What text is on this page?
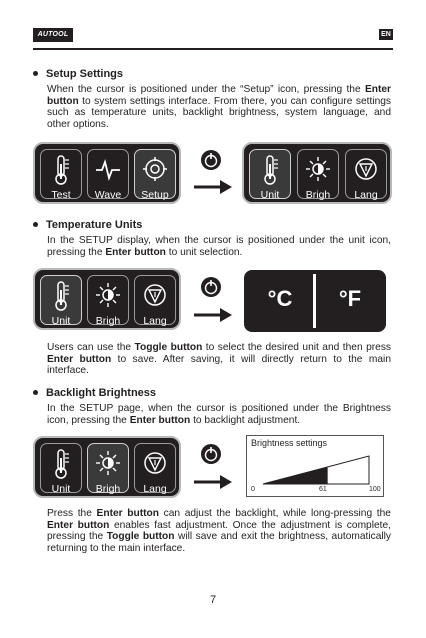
AUTOOL	EN
Setup Settings

When the cursor is positioned under the “Setup” icon, pressing the Enter button to system settings interface. From there, you can configure settings such as temperature units, backlight brightness, system language, and other options.

Test	Wave	Setup	Unit	Brigh	Lang
Temperature Units

In the SETUP display, when the cursor is positioned under the unit icon, pressing the Enter button to unit selection.

Unit	Brigh	Lang
°C	°F

Users can use the Toggle button to select the desired unit and then press Enter button to save. After saving, it will directly return to the main interface.

Backlight Brightness

In the SETUP page, when the cursor is positioned under the Brightness icon, pressing the Enter button to backlight adjustment.

Unit	Brigh	Lang
Brightness settings
0	61	100

Press the Enter button can adjust the backlight, while long-pressing the Enter button enables fast adjustment. Once the adjustment is complete, pressing the Toggle button will save and exit the brightness, automatically returning to the main interface.

7
